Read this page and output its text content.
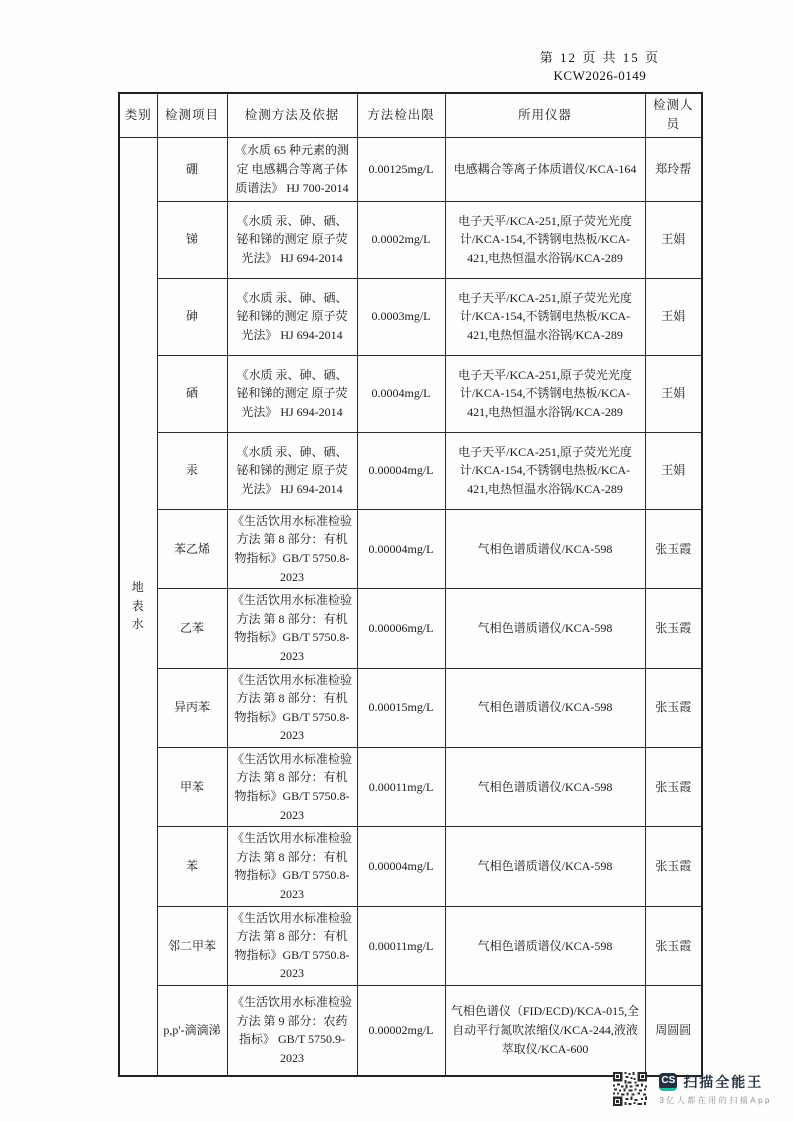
第 12 页 共 15 页
KCW2026-0149
类别	检测项目	检测方法及依据	方法检出限	所用仪器	检测人员
地表水	硼	《水质 65 种元素的测定 电感耦合等离子体质谱法》 HJ 700-2014	0.00125mg/L	电感耦合等离子体质谱仪/KCA-164	郑玲帮
	锑	《水质 汞、砷、硒、铋和锑的测定 原子荧光法》 HJ 694-2014	0.0002mg/L	电子天平/KCA-251,原子荧光光度计/KCA-154,不锈钢电热板/KCA-421,电热恒温水浴锅/KCA-289	王娟
	砷	《水质 汞、砷、硒、铋和锑的测定 原子荧光法》 HJ 694-2014	0.0003mg/L	电子天平/KCA-251,原子荧光光度计/KCA-154,不锈钢电热板/KCA-421,电热恒温水浴锅/KCA-289	王娟
	硒	《水质 汞、砷、硒、铋和锑的测定 原子荧光法》 HJ 694-2014	0.0004mg/L	电子天平/KCA-251,原子荧光光度计/KCA-154,不锈钢电热板/KCA-421,电热恒温水浴锅/KCA-289	王娟
	汞	《水质 汞、砷、硒、铋和锑的测定 原子荧光法》 HJ 694-2014	0.00004mg/L	电子天平/KCA-251,原子荧光光度计/KCA-154,不锈钢电热板/KCA-421,电热恒温水浴锅/KCA-289	王娟
	苯乙烯	《生活饮用水标准检验方法 第 8 部分：有机物指标》GB/T 5750.8-2023	0.00004mg/L	气相色谱质谱仪/KCA-598	张玉霞
	乙苯	《生活饮用水标准检验方法 第 8 部分：有机物指标》GB/T 5750.8-2023	0.00006mg/L	气相色谱质谱仪/KCA-598	张玉霞
	异丙苯	《生活饮用水标准检验方法 第 8 部分：有机物指标》GB/T 5750.8-2023	0.00015mg/L	气相色谱质谱仪/KCA-598	张玉霞
	甲苯	《生活饮用水标准检验方法 第 8 部分：有机物指标》GB/T 5750.8-2023	0.00011mg/L	气相色谱质谱仪/KCA-598	张玉霞
	苯	《生活饮用水标准检验方法 第 8 部分：有机物指标》GB/T 5750.8-2023	0.00004mg/L	气相色谱质谱仪/KCA-598	张玉霞
	邻二甲苯	《生活饮用水标准检验方法 第 8 部分：有机物指标》GB/T 5750.8-2023	0.00011mg/L	气相色谱质谱仪/KCA-598	张玉霞
	p,p'-滴滴涕	《生活饮用水标准检验方法 第 9 部分：农药指标》 GB/T 5750.9-2023	0.00002mg/L	气相色谱仪（FID/ECD)/KCA-015,全自动平行氮吹浓缩仪/KCA-244,液液萃取仪/KCA-600	周圆圆
CS 扫描全能王
3亿人都在用的扫描App
